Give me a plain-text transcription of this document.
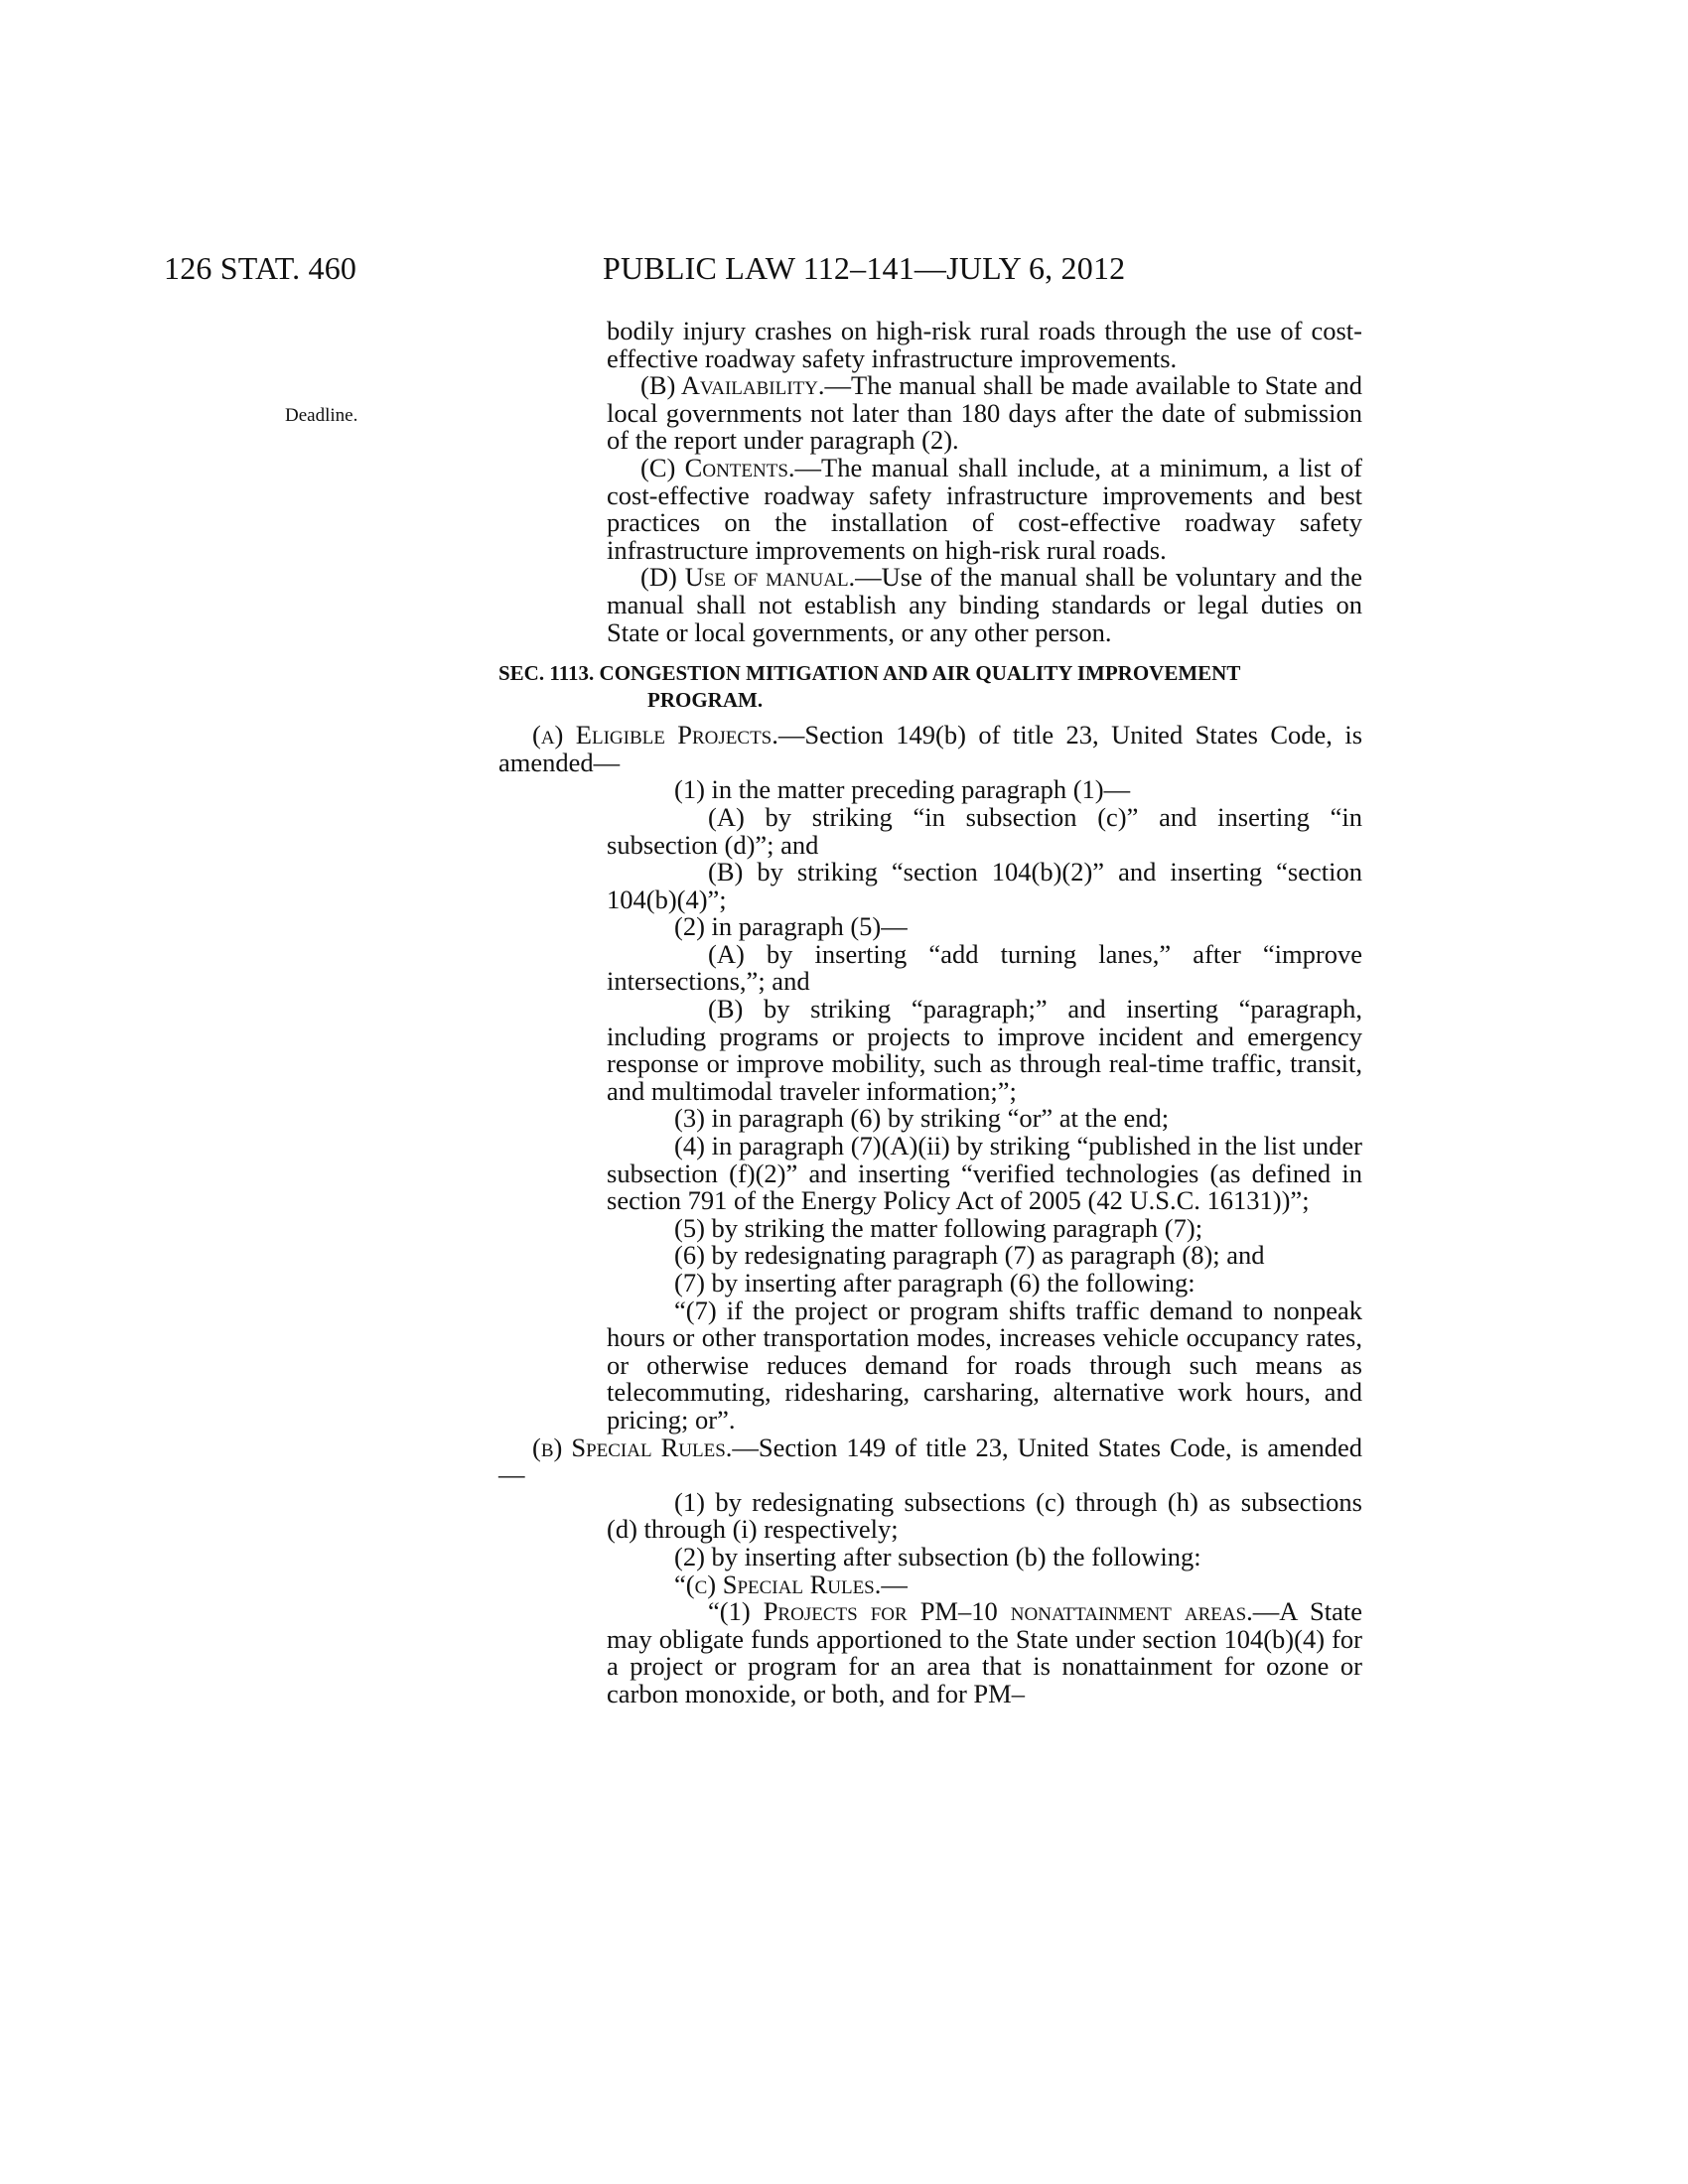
126 STAT. 460	PUBLIC LAW 112–141—JULY 6, 2012
Deadline.

bodily injury crashes on high-risk rural roads through the use of cost-effective roadway safety infrastructure improvements.

(B) Availability.—The manual shall be made available to State and local governments not later than 180 days after the date of submission of the report under paragraph (2).

(C) Contents.—The manual shall include, at a minimum, a list of cost-effective roadway safety infrastructure improvements and best practices on the installation of cost-effective roadway safety infrastructure improvements on high-risk rural roads.

(D) Use of manual.—Use of the manual shall be voluntary and the manual shall not establish any binding standards or legal duties on State or local governments, or any other person.

SEC. 1113. CONGESTION MITIGATION AND AIR QUALITY IMPROVEMENT
PROGRAM.

(a) Eligible Projects.—Section 149(b) of title 23, United States Code, is amended—

(1) in the matter preceding paragraph (1)—

(A) by striking “in subsection (c)” and inserting “in subsection (d)”; and

(B) by striking “section 104(b)(2)” and inserting “section 104(b)(4)”;

(2) in paragraph (5)—

(A) by inserting “add turning lanes,” after “improve intersections,”; and

(B) by striking “paragraph;” and inserting “paragraph, including programs or projects to improve incident and emergency response or improve mobility, such as through real-time traffic, transit, and multimodal traveler information;”;

(3) in paragraph (6) by striking “or” at the end;

(4) in paragraph (7)(A)(ii) by striking “published in the list under subsection (f)(2)” and inserting “verified technologies (as defined in section 791 of the Energy Policy Act of 2005 (42 U.S.C. 16131))”;

(5) by striking the matter following paragraph (7);

(6) by redesignating paragraph (7) as paragraph (8); and

(7) by inserting after paragraph (6) the following:

“(7) if the project or program shifts traffic demand to nonpeak hours or other transportation modes, increases vehicle occupancy rates, or otherwise reduces demand for roads through such means as telecommuting, ridesharing, carsharing, alternative work hours, and pricing; or”.

(b) Special Rules.—Section 149 of title 23, United States Code, is amended—

(1) by redesignating subsections (c) through (h) as subsections (d) through (i) respectively;

(2) by inserting after subsection (b) the following:

“(c) Special Rules.—

“(1) Projects for PM–10 nonattainment areas.—A State may obligate funds apportioned to the State under section 104(b)(4) for a project or program for an area that is nonattainment for ozone or carbon monoxide, or both, and for PM–
